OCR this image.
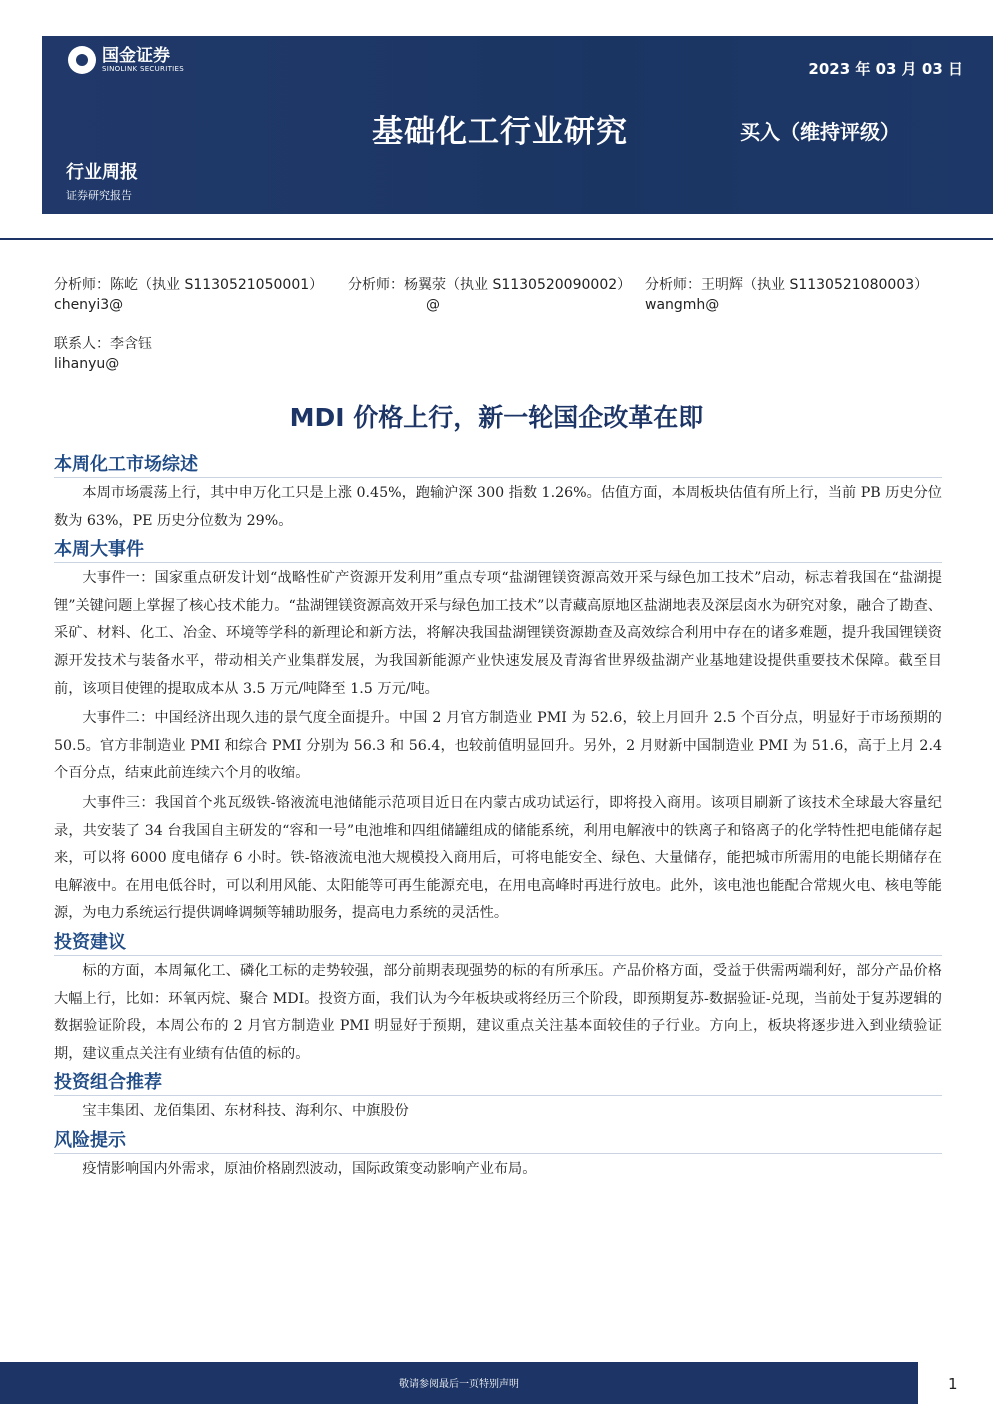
国金证券
SINOLINK SECURITIES	2023 年 03 月 03 日
基础化工行业研究	买入（维持评级）
行业周报
证券研究报告
分析师：陈屹（执业 S1130521050001）
chenyi3@
分析师：杨翼荥（执业 S1130520090002）
@
分析师：王明辉（执业 S1130521080003）
wangmh@
联系人：李含钰
lihanyu@
MDI 价格上行，新一轮国企改革在即
本周化工市场综述

本周市场震荡上行，其中申万化工只是上涨 0.45%，跑输沪深 300 指数 1.26%。估值方面，本周板块估值有所上行，当前 PB 历史分位数为 63%，PE 历史分位数为 29%。

本周大事件

大事件一：国家重点研发计划“战略性矿产资源开发利用”重点专项“盐湖锂镁资源高效开采与绿色加工技术”启动，标志着我国在“盐湖提锂”关键问题上掌握了核心技术能力。“盐湖锂镁资源高效开采与绿色加工技术”以青藏高原地区盐湖地表及深层卤水为研究对象，融合了勘查、采矿、材料、化工、冶金、环境等学科的新理论和新方法，将解决我国盐湖锂镁资源勘查及高效综合利用中存在的诸多难题，提升我国锂镁资源开发技术与装备水平，带动相关产业集群发展，为我国新能源产业快速发展及青海省世界级盐湖产业基地建设提供重要技术保障。截至目前，该项目使锂的提取成本从 3.5 万元/吨降至 1.5 万元/吨。

大事件二：中国经济出现久违的景气度全面提升。中国 2 月官方制造业 PMI 为 52.6，较上月回升 2.5 个百分点，明显好于市场预期的 50.5。官方非制造业 PMI 和综合 PMI 分别为 56.3 和 56.4，也较前值明显回升。另外，2 月财新中国制造业 PMI 为 51.6，高于上月 2.4 个百分点，结束此前连续六个月的收缩。

大事件三：我国首个兆瓦级铁-铬液流电池储能示范项目近日在内蒙古成功试运行，即将投入商用。该项目刷新了该技术全球最大容量纪录，共安装了 34 台我国自主研发的“容和一号”电池堆和四组储罐组成的储能系统，利用电解液中的铁离子和铬离子的化学特性把电能储存起来，可以将 6000 度电储存 6 小时。铁-铬液流电池大规模投入商用后，可将电能安全、绿色、大量储存，能把城市所需用的电能长期储存在电解液中。在用电低谷时，可以利用风能、太阳能等可再生能源充电，在用电高峰时再进行放电。此外，该电池也能配合常规火电、核电等能源，为电力系统运行提供调峰调频等辅助服务，提高电力系统的灵活性。

投资建议

标的方面，本周氟化工、磷化工标的走势较强，部分前期表现强势的标的有所承压。产品价格方面，受益于供需两端利好，部分产品价格大幅上行，比如：环氧丙烷、聚合 MDI。投资方面，我们认为今年板块或将经历三个阶段，即预期复苏-数据验证-兑现，当前处于复苏逻辑的数据验证阶段，本周公布的 2 月官方制造业 PMI 明显好于预期，建议重点关注基本面较佳的子行业。方向上，板块将逐步进入到业绩验证期，建议重点关注有业绩有估值的标的。

投资组合推荐

宝丰集团、龙佰集团、东材科技、海利尔、中旗股份

风险提示

疫情影响国内外需求，原油价格剧烈波动，国际政策变动影响产业布局。

敬请参阅最后一页特别声明	1
